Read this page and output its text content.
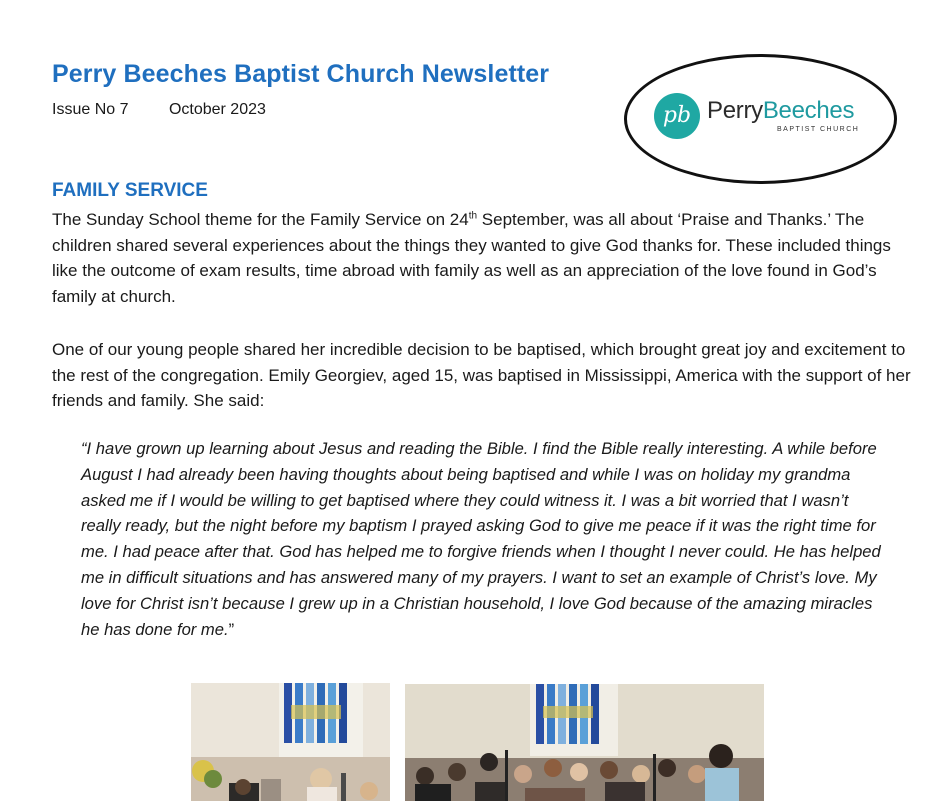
Perry Beeches Baptist Church Newsletter
Issue No 7	October 2023	pb PerryBeeches
BAPTIST CHURCH
FAMILY SERVICE

The Sunday School theme for the Family Service on 24th September, was all about ‘Praise and Thanks.’ The children shared several experiences about the things they wanted to give God thanks for. These included things like the outcome of exam results, time abroad with family as well as an appreciation of the love found in God’s family at church.

One of our young people shared her incredible decision to be baptised, which brought great joy and excitement to the rest of the congregation. Emily Georgiev, aged 15, was baptised in Mississippi, America with the support of her friends and family. She said:

“I have grown up learning about Jesus and reading the Bible. I find the Bible really interesting. A while before August I had already been having thoughts about being baptised and while I was on holiday my grandma asked me if I would be willing to get baptised where they could witness it. I was a bit worried that I wasn’t really ready, but the night before my baptism I prayed asking God to give me peace if it was the right time for me. I had peace after that. God has helped me to forgive friends when I thought I never could. He has helped me in difficult situations and has answered many of my prayers. I want to set an example of Christ’s love. My love for Christ isn’t because I grew up in a Christian household, I love God because of the amazing miracles he has done for me.”
